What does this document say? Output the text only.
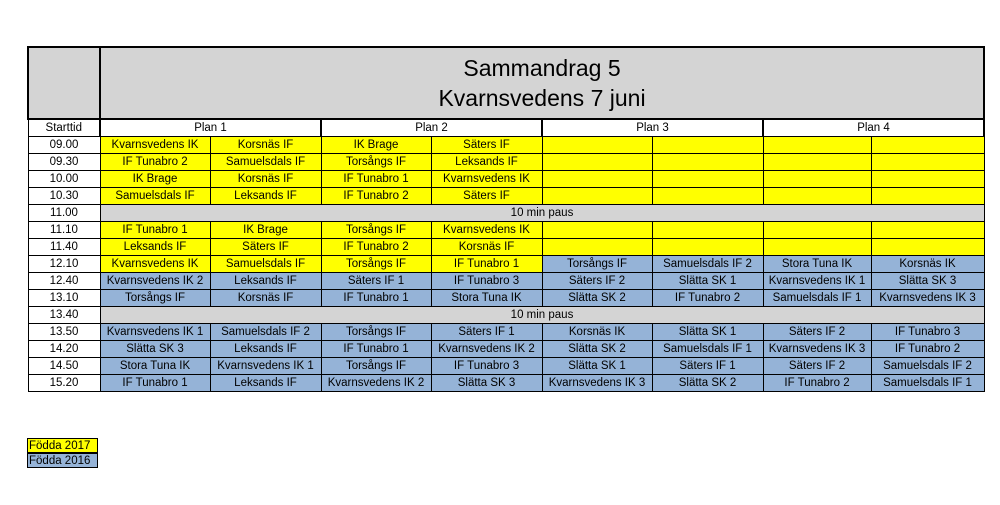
	Sammandrag 5
Kvarnsvedens 7 juni							

Starttid	Plan 1		Plan 2		Plan 3		Plan 4	
09.00	Kvarnsvedens IK	Korsnäs IF	IK Brage	Säters IF				
09.30	IF Tunabro 2	Samuelsdals IF	Torsångs IF	Leksands IF				
10.00	IK Brage	Korsnäs IF	IF Tunabro 1	Kvarnsvedens IK				
10.30	Samuelsdals IF	Leksands IF	IF Tunabro 2	Säters IF				
11.00	10 min paus							
11.10	IF Tunabro 1	IK Brage	Torsångs IF	Kvarnsvedens IK				
11.40	Leksands IF	Säters IF	IF Tunabro 2	Korsnäs IF				
12.10	Kvarnsvedens IK	Samuelsdals IF	Torsångs IF	IF Tunabro 1	Torsångs IF	Samuelsdals IF 2	Stora Tuna IK	Korsnäs IK
12.40	Kvarnsvedens IK 2	Leksands IF	Säters IF 1	IF Tunabro 3	Säters IF 2	Slätta SK 1	Kvarnsvedens IK 1	Slätta SK 3
13.10	Torsångs IF	Korsnäs IF	IF Tunabro 1	Stora Tuna IK	Slätta SK 2	IF Tunabro 2	Samuelsdals IF 1	Kvarnsvedens IK 3
13.40	10 min paus							
13.50	Kvarnsvedens IK 1	Samuelsdals IF 2	Torsångs IF	Säters IF 1	Korsnäs IK	Slätta SK 1	Säters IF 2	IF Tunabro 3
14.20	Slätta SK 3	Leksands IF	IF Tunabro 1	Kvarnsvedens IK 2	Slätta SK 2	Samuelsdals IF 1	Kvarnsvedens IK 3	IF Tunabro 2
14.50	Stora Tuna IK	Kvarnsvedens IK 1	Torsångs IF	IF Tunabro 3	Slätta SK 1	Säters IF 1	Säters IF 2	Samuelsdals IF 2
15.20	IF Tunabro 1	Leksands IF	Kvarnsvedens IK 2	Slätta SK 3	Kvarnsvedens IK 3	Slätta SK 2	IF Tunabro 2	Samuelsdals IF 1
Födda 2017
Födda 2016
